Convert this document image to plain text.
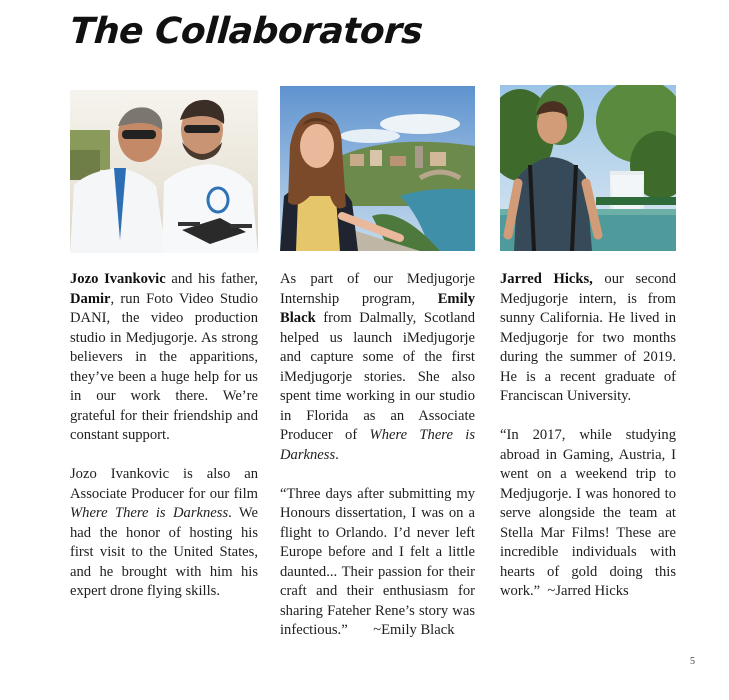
The Collaborators

Jozo Ivankovic and his father, Damir, run Foto Video Studio DANI, the video production studio in Medjugorje. As strong believers in the apparitions, they’ve been a huge help for us in our work there. We’re grateful for their friendship and constant support.

Jozo Ivankovic is also an Associate Producer for our film Where There is Darkness. We had the honor of hosting his first visit to the United States, and he brought with him his expert drone flying skills.

As part of our Medjugorje Internship program, Emily Black from Dalmally, Scotland helped us launch iMedjugorje and capture some of the first iMedjugorje stories. She also spent time working in our studio in Florida as an Associate Producer of Where There is Darkness.

“Three days after submitting my Honours dissertation, I was on a flight to Orlando. I’d never left Europe before and I felt a little daunted... Their passion for their craft and their enthusiasm for sharing Fateher Rene’s story was infectious.” ~Emily Black

Jarred Hicks, our second Medjugorje intern, is from sunny California. He lived in Medjugorje for two months during the summer of 2019. He is a recent graduate of Franciscan University.

“In 2017, while studying abroad in Gaming, Austria, I went on a weekend trip to Medjugorje. I was honored to serve alongside the team at Stella Mar Films! These are incredible individuals with hearts of gold doing this work.” ~Jarred Hicks

5
